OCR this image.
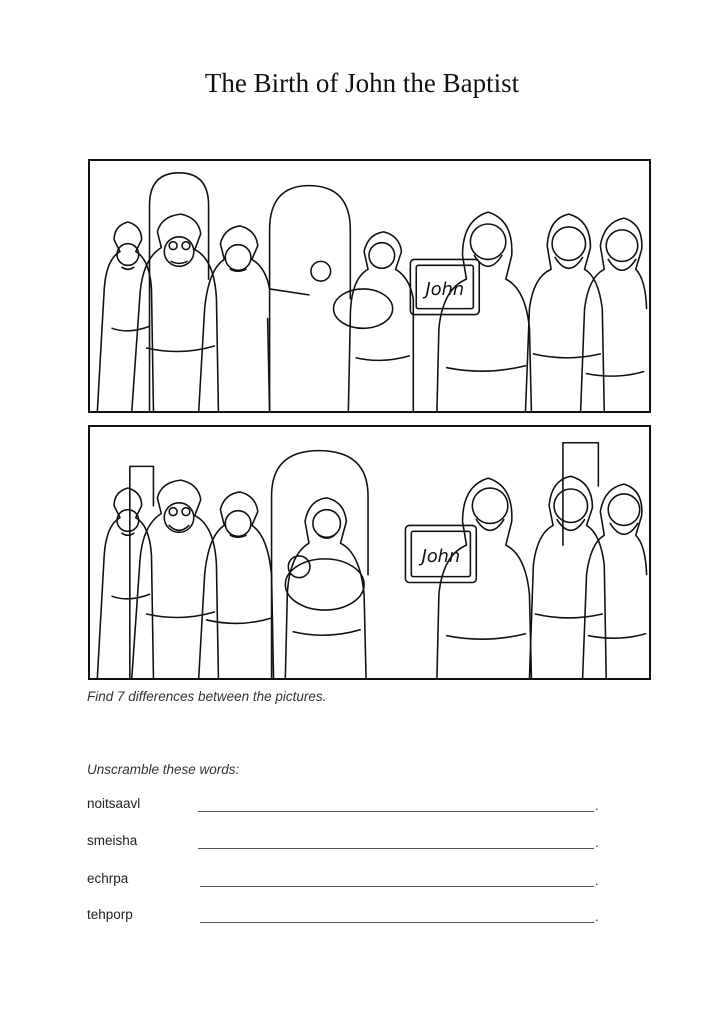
The Birth of John the Baptist
John
John
Find 7 differences between the pictures.
Unscramble these words:
noitsaavl	.
smeisha	.
echrpa	.
tehporp	.
